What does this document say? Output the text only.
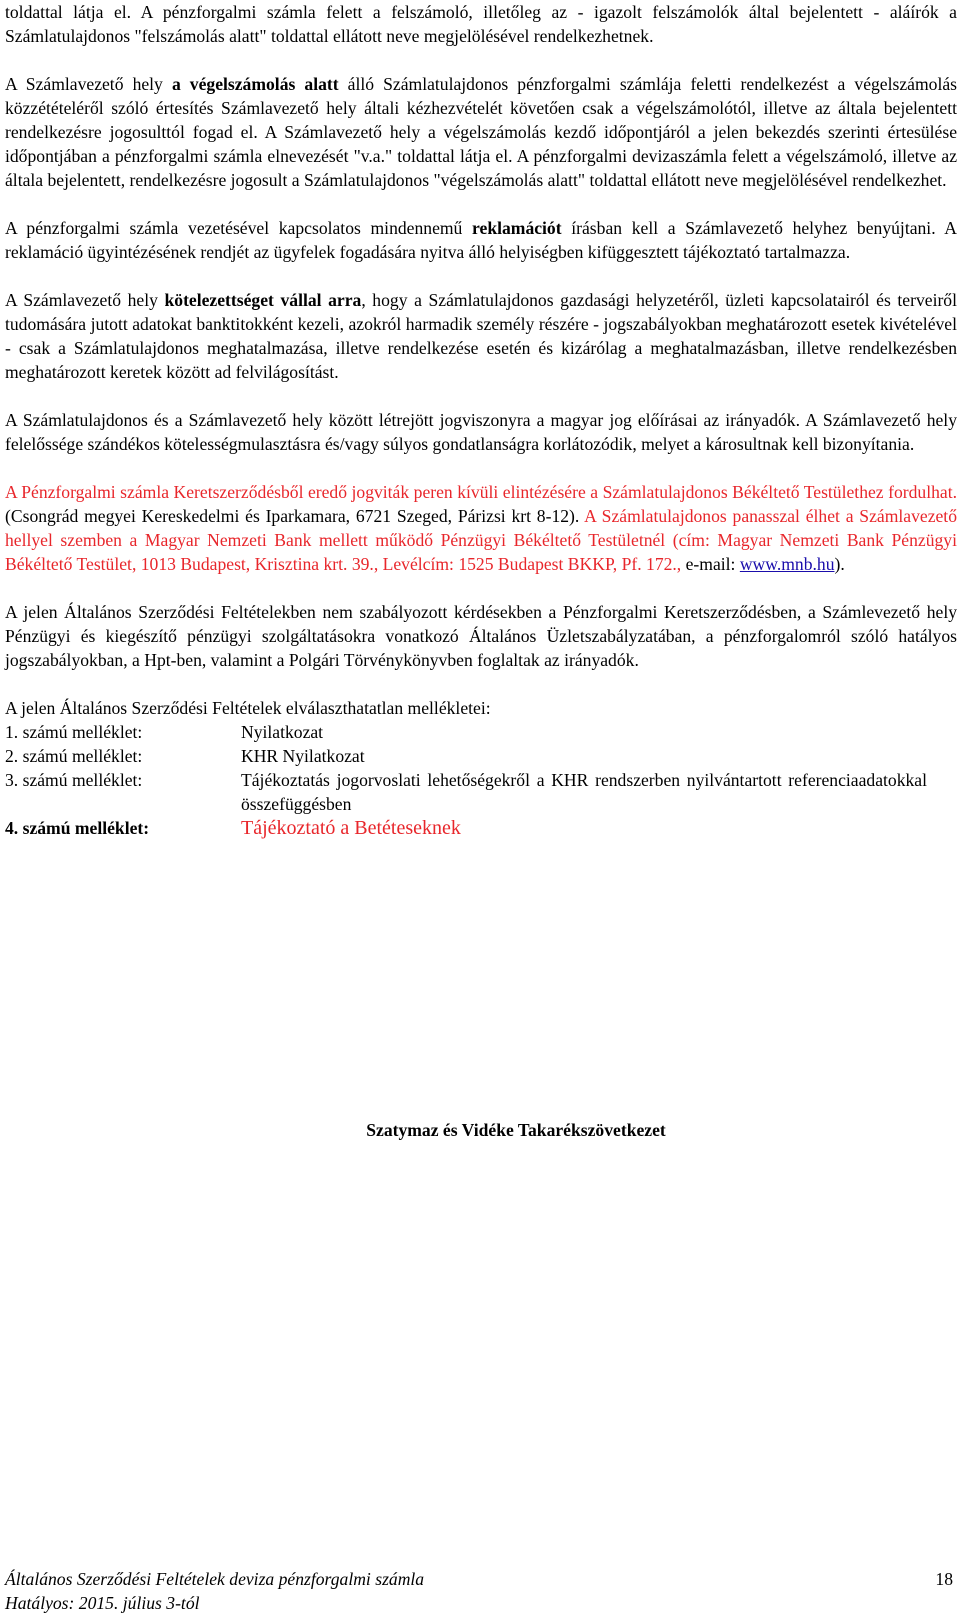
toldattal látja el. A pénzforgalmi számla felett a felszámoló, illetőleg az - igazolt felszámolók által bejelentett - aláírók a Számlatulajdonos "felszámolás alatt" toldattal ellátott neve megjelölésével rendelkezhetnek.

A Számlavezető hely a végelszámolás alatt álló Számlatulajdonos pénzforgalmi számlája feletti rendelkezést a végelszámolás közzétételéről szóló értesítés Számlavezető hely általi kézhezvételét követően csak a végelszámolótól, illetve az általa bejelentett rendelkezésre jogosulttól fogad el. A Számlavezető hely a végelszámolás kezdő időpontjáról a jelen bekezdés szerinti értesülése időpontjában a pénzforgalmi számla elnevezését "v.a." toldattal látja el. A pénzforgalmi devizaszámla felett a végelszámoló, illetve az általa bejelentett, rendelkezésre jogosult a Számlatulajdonos "végelszámolás alatt" toldattal ellátott neve megjelölésével rendelkezhet.

A pénzforgalmi számla vezetésével kapcsolatos mindennemű reklamációt írásban kell a Számlavezető helyhez benyújtani. A reklamáció ügyintézésének rendjét az ügyfelek fogadására nyitva álló helyiségben kifüggesztett tájékoztató tartalmazza.

A Számlavezető hely kötelezettséget vállal arra, hogy a Számlatulajdonos gazdasági helyzetéről, üzleti kapcsolatairól és terveiről tudomására jutott adatokat banktitokként kezeli, azokról harmadik személy részére - jogszabályokban meghatározott esetek kivételével - csak a Számlatulajdonos meghatalmazása, illetve rendelkezése esetén és kizárólag a meghatalmazásban, illetve rendelkezésben meghatározott keretek között ad felvilágosítást.

A Számlatulajdonos és a Számlavezető hely között létrejött jogviszonyra a magyar jog előírásai az irányadók. A Számlavezető hely felelőssége szándékos kötelességmulasztásra és/vagy súlyos gondatlanságra korlátozódik, melyet a károsultnak kell bizonyítania.

A Pénzforgalmi számla Keretszerződésből eredő jogviták peren kívüli elintézésére a Számlatulajdonos Békéltető Testülethez fordulhat. (Csongrád megyei Kereskedelmi és Iparkamara, 6721 Szeged, Párizsi krt 8-12). A Számlatulajdonos panasszal élhet a Számlavezető hellyel szemben a Magyar Nemzeti Bank mellett működő Pénzügyi Békéltető Testületnél (cím: Magyar Nemzeti Bank Pénzügyi Békéltető Testület, 1013 Budapest, Krisztina krt. 39., Levélcím: 1525 Budapest BKKP, Pf. 172., e-mail: www.mnb.hu).

A jelen Általános Szerződési Feltételekben nem szabályozott kérdésekben a Pénzforgalmi Keretszerződésben, a Számlevezető hely Pénzügyi és kiegészítő pénzügyi szolgáltatásokra vonatkozó Általános Üzletszabályzatában, a pénzforgalomról szóló hatályos jogszabályokban, a Hpt-ben, valamint a Polgári Törvénykönyvben foglaltak az irányadók.

A jelen Általános Szerződési Feltételek elválaszthatatlan mellékletei:
1. számú melléklet:	Nyilatkozat
2. számú melléklet:	KHR Nyilatkozat
3. számú melléklet:	Tájékoztatás jogorvoslati lehetőségekről a KHR rendszerben nyilvántartott referenciaadatokkal összefüggésben
4. számú melléklet:	Tájékoztató a Betéteseknek
Szatymaz és Vidéke Takarékszövetkezet
Általános Szerződési Feltételek deviza pénzforgalmi számla	18
Hatályos: 2015. július 3-tól
